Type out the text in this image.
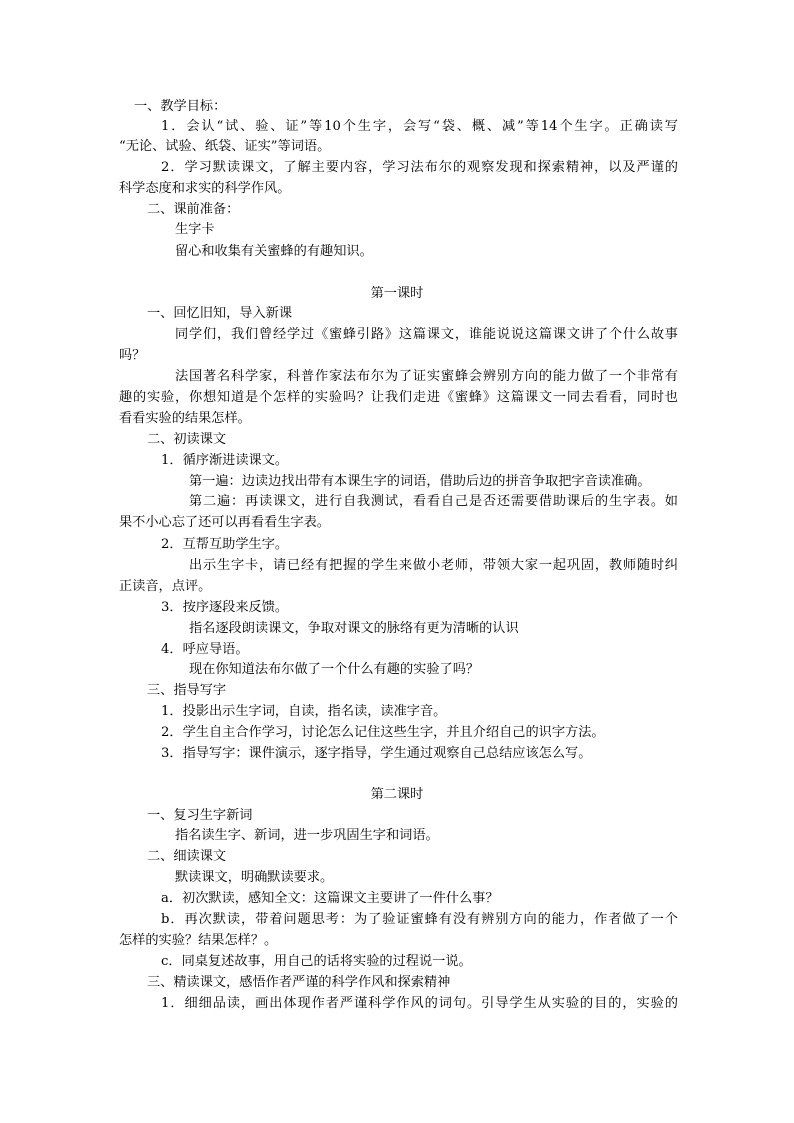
一、教学目标：
1．会认“试、验、证”等10个生字，会写“袋、概、减”等14个生字。正确读写
“无论、试验、纸袋、证实”等词语。
2．学习默读课文，了解主要内容，学习法布尔的观察发现和探索精神，以及严谨的
科学态度和求实的科学作风。
二、课前准备：
生字卡
留心和收集有关蜜蜂的有趣知识。
第一课时
一、回忆旧知，导入新课
同学们，我们曾经学过《蜜蜂引路》这篇课文，谁能说说这篇课文讲了个什么故事
吗？
法国著名科学家，科普作家法布尔为了证实蜜蜂会辨别方向的能力做了一个非常有
趣的实验，你想知道是个怎样的实验吗？让我们走进《蜜蜂》这篇课文一同去看看，同时也
看看实验的结果怎样。
二、初读课文
1．循序渐进读课文。
第一遍：边读边找出带有本课生字的词语，借助后边的拼音争取把字音读准确。
第二遍：再读课文，进行自我测试，看看自己是否还需要借助课后的生字表。如
果不小心忘了还可以再看看生字表。
2．互帮互助学生字。
出示生字卡，请已经有把握的学生来做小老师，带领大家一起巩固，教师随时纠
正读音，点评。
3．按序逐段来反馈。
指名逐段朗读课文，争取对课文的脉络有更为清晰的认识
4．呼应导语。
现在你知道法布尔做了一个什么有趣的实验了吗？
三、指导写字
1．投影出示生字词，自读，指名读，读准字音。
2．学生自主合作学习，讨论怎么记住这些生字，并且介绍自己的识字方法。
3．指导写字：课件演示，逐字指导，学生通过观察自己总结应该怎么写。
第二课时
一、复习生字新词
指名读生字、新词，进一步巩固生字和词语。
二、细读课文
默读课文，明确默读要求。
a．初次默读，感知全文：这篇课文主要讲了一件什么事？
b．再次默读，带着问题思考：为了验证蜜蜂有没有辨别方向的能力，作者做了一个
怎样的实验？结果怎样？。
c．同桌复述故事，用自己的话将实验的过程说一说。
三、精读课文，感悟作者严谨的科学作风和探索精神
1．细细品读，画出体现作者严谨科学作风的词句。引导学生从实验的目的，实验的
